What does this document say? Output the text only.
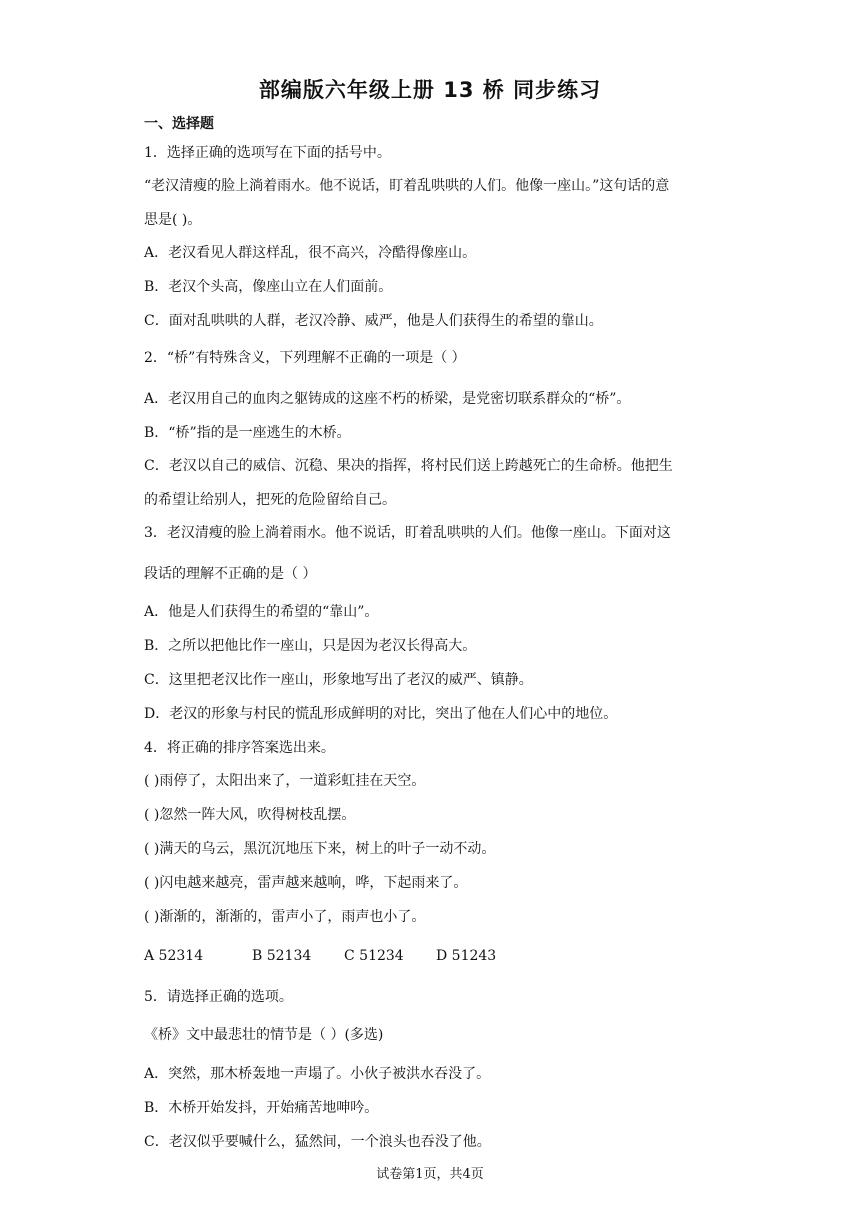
部编版六年级上册 13 桥 同步练习
一、选择题
1．选择正确的选项写在下面的括号中。
“老汉清瘦的脸上淌着雨水。他不说话，盯着乱哄哄的人们。他像一座山。”这句话的意
思是( )。
A．老汉看见人群这样乱，很不高兴，冷酷得像座山。
B．老汉个头高，像座山立在人们面前。
C．面对乱哄哄的人群，老汉冷静、威严，他是人们获得生的希望的靠山。
2．“桥”有特殊含义，下列理解不正确的一项是（ ）
A．老汉用自己的血肉之躯铸成的这座不朽的桥梁，是党密切联系群众的“桥”。
B．“桥”指的是一座逃生的木桥。
C．老汉以自己的威信、沉稳、果决的指挥，将村民们送上跨越死亡的生命桥。他把生
的希望让给别人，把死的危险留给自己。
3．老汉清瘦的脸上淌着雨水。他不说话，盯着乱哄哄的人们。他像一座山。下面对这
段话的理解不正确的是（ ）
A．他是人们获得生的希望的“靠山”。
B．之所以把他比作一座山，只是因为老汉长得高大。
C．这里把老汉比作一座山，形象地写出了老汉的威严、镇静。
D．老汉的形象与村民的慌乱形成鲜明的对比，突出了他在人们心中的地位。
4．将正确的排序答案选出来。
( )雨停了，太阳出来了，一道彩虹挂在天空。
( )忽然一阵大风，吹得树枝乱摆。
( )满天的乌云，黑沉沉地压下来，树上的叶子一动不动。
( )闪电越来越亮，雷声越来越响，哗，下起雨来了。
( )渐渐的，渐渐的，雷声小了，雨声也小了。
A 52314	B 52134 C 51234 D 51243
5．请选择正确的选项。
《桥》文中最悲壮的情节是（ ）(多选)
A．突然，那木桥轰地一声塌了。小伙子被洪水吞没了。
B．木桥开始发抖，开始痛苦地呻吟。
C．老汉似乎要喊什么，猛然间，一个浪头也吞没了他。
试卷第1页，共4页
